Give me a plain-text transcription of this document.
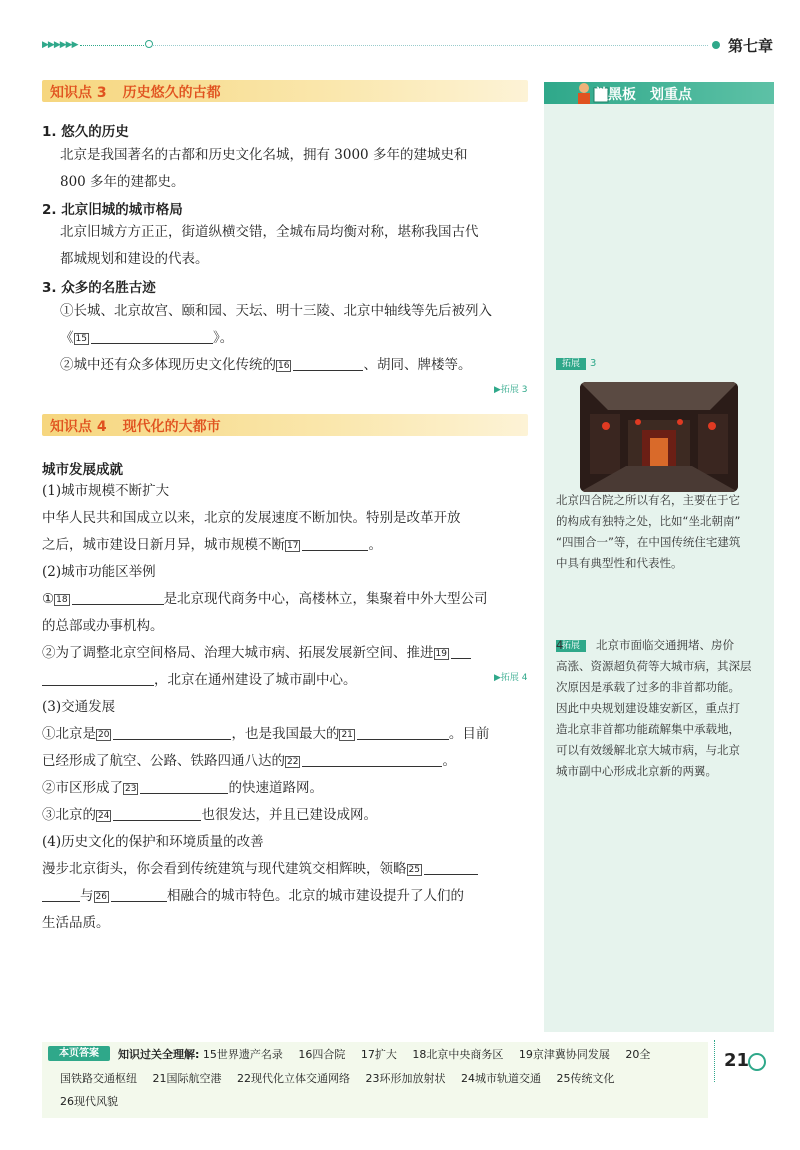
▶▶▶▶▶▶	第七章
知识点 3 历史悠久的古都
1. 悠久的历史
北京是我国著名的古都和历史文化名城，拥有 3000 多年的建城史和
800 多年的建都史。
2. 北京旧城的城市格局
北京旧城方方正正，街道纵横交错，全城布局均衡对称，堪称我国古代
都城规划和建设的代表。
3. 众多的名胜古迹
①长城、北京故宫、颐和园、天坛、明十三陵、北京中轴线等先后被列入
《 15	》。
②城中还有众多体现历史文化传统的 16	、胡同、牌楼等。
▶拓展 3
知识点 4 现代化的大都市
城市发展成就
(1)城市规模不断扩大
中华人民共和国成立以来，北京的发展速度不断加快。特别是改革开放
之后，城市建设日新月异，城市规模不断 17	。
(2)城市功能区举例
① 18	是北京现代商务中心，高楼林立，集聚着中外大型公司
的总部或办事机构。
②为了调整北京空间格局、治理大城市病、拓展发展新空间、推进 19
，北京在通州建设了城市副中心。	▶拓展 4
(3)交通发展
①北京是 20	，也是我国最大的 21	。目前
已经形成了航空、公路、铁路四通八达的 22	。
②市区形成了 23	的快速道路网。
③北京的 24	也很发达，并且已建设成网。
(4)历史文化的保护和环境质量的改善
漫步北京街头，你会看到传统建筑与现代建筑交相辉映，领略 25
与 26	相融合的城市特色。北京的城市建设提升了人们的
生活品质。
敲黑板 划重点
拓展	3
北京四合院之所以有名，主要在于它
的构成有独特之处，比如“坐北朝南”
“四围合一”等，在中国传统住宅建筑
中具有典型性和代表性。
拓展
4	北京市面临交通拥堵、房价
高涨、资源超负荷等大城市病，其深层
次原因是承载了过多的非首都功能。
因此中央规划建设雄安新区，重点打
造北京非首都功能疏解集中承载地，
可以有效缓解北京大城市病，与北京
城市副中心形成北京新的两翼。
本页答案	知识过关全理解: 15世界遗产名录 16四合院 17扩大 18北京中央商务区 19京津冀协同发展 20全
国铁路交通枢纽 21国际航空港 22现代化立体交通网络 23环形加放射状 24城市轨道交通 25传统文化
26现代风貌
21
